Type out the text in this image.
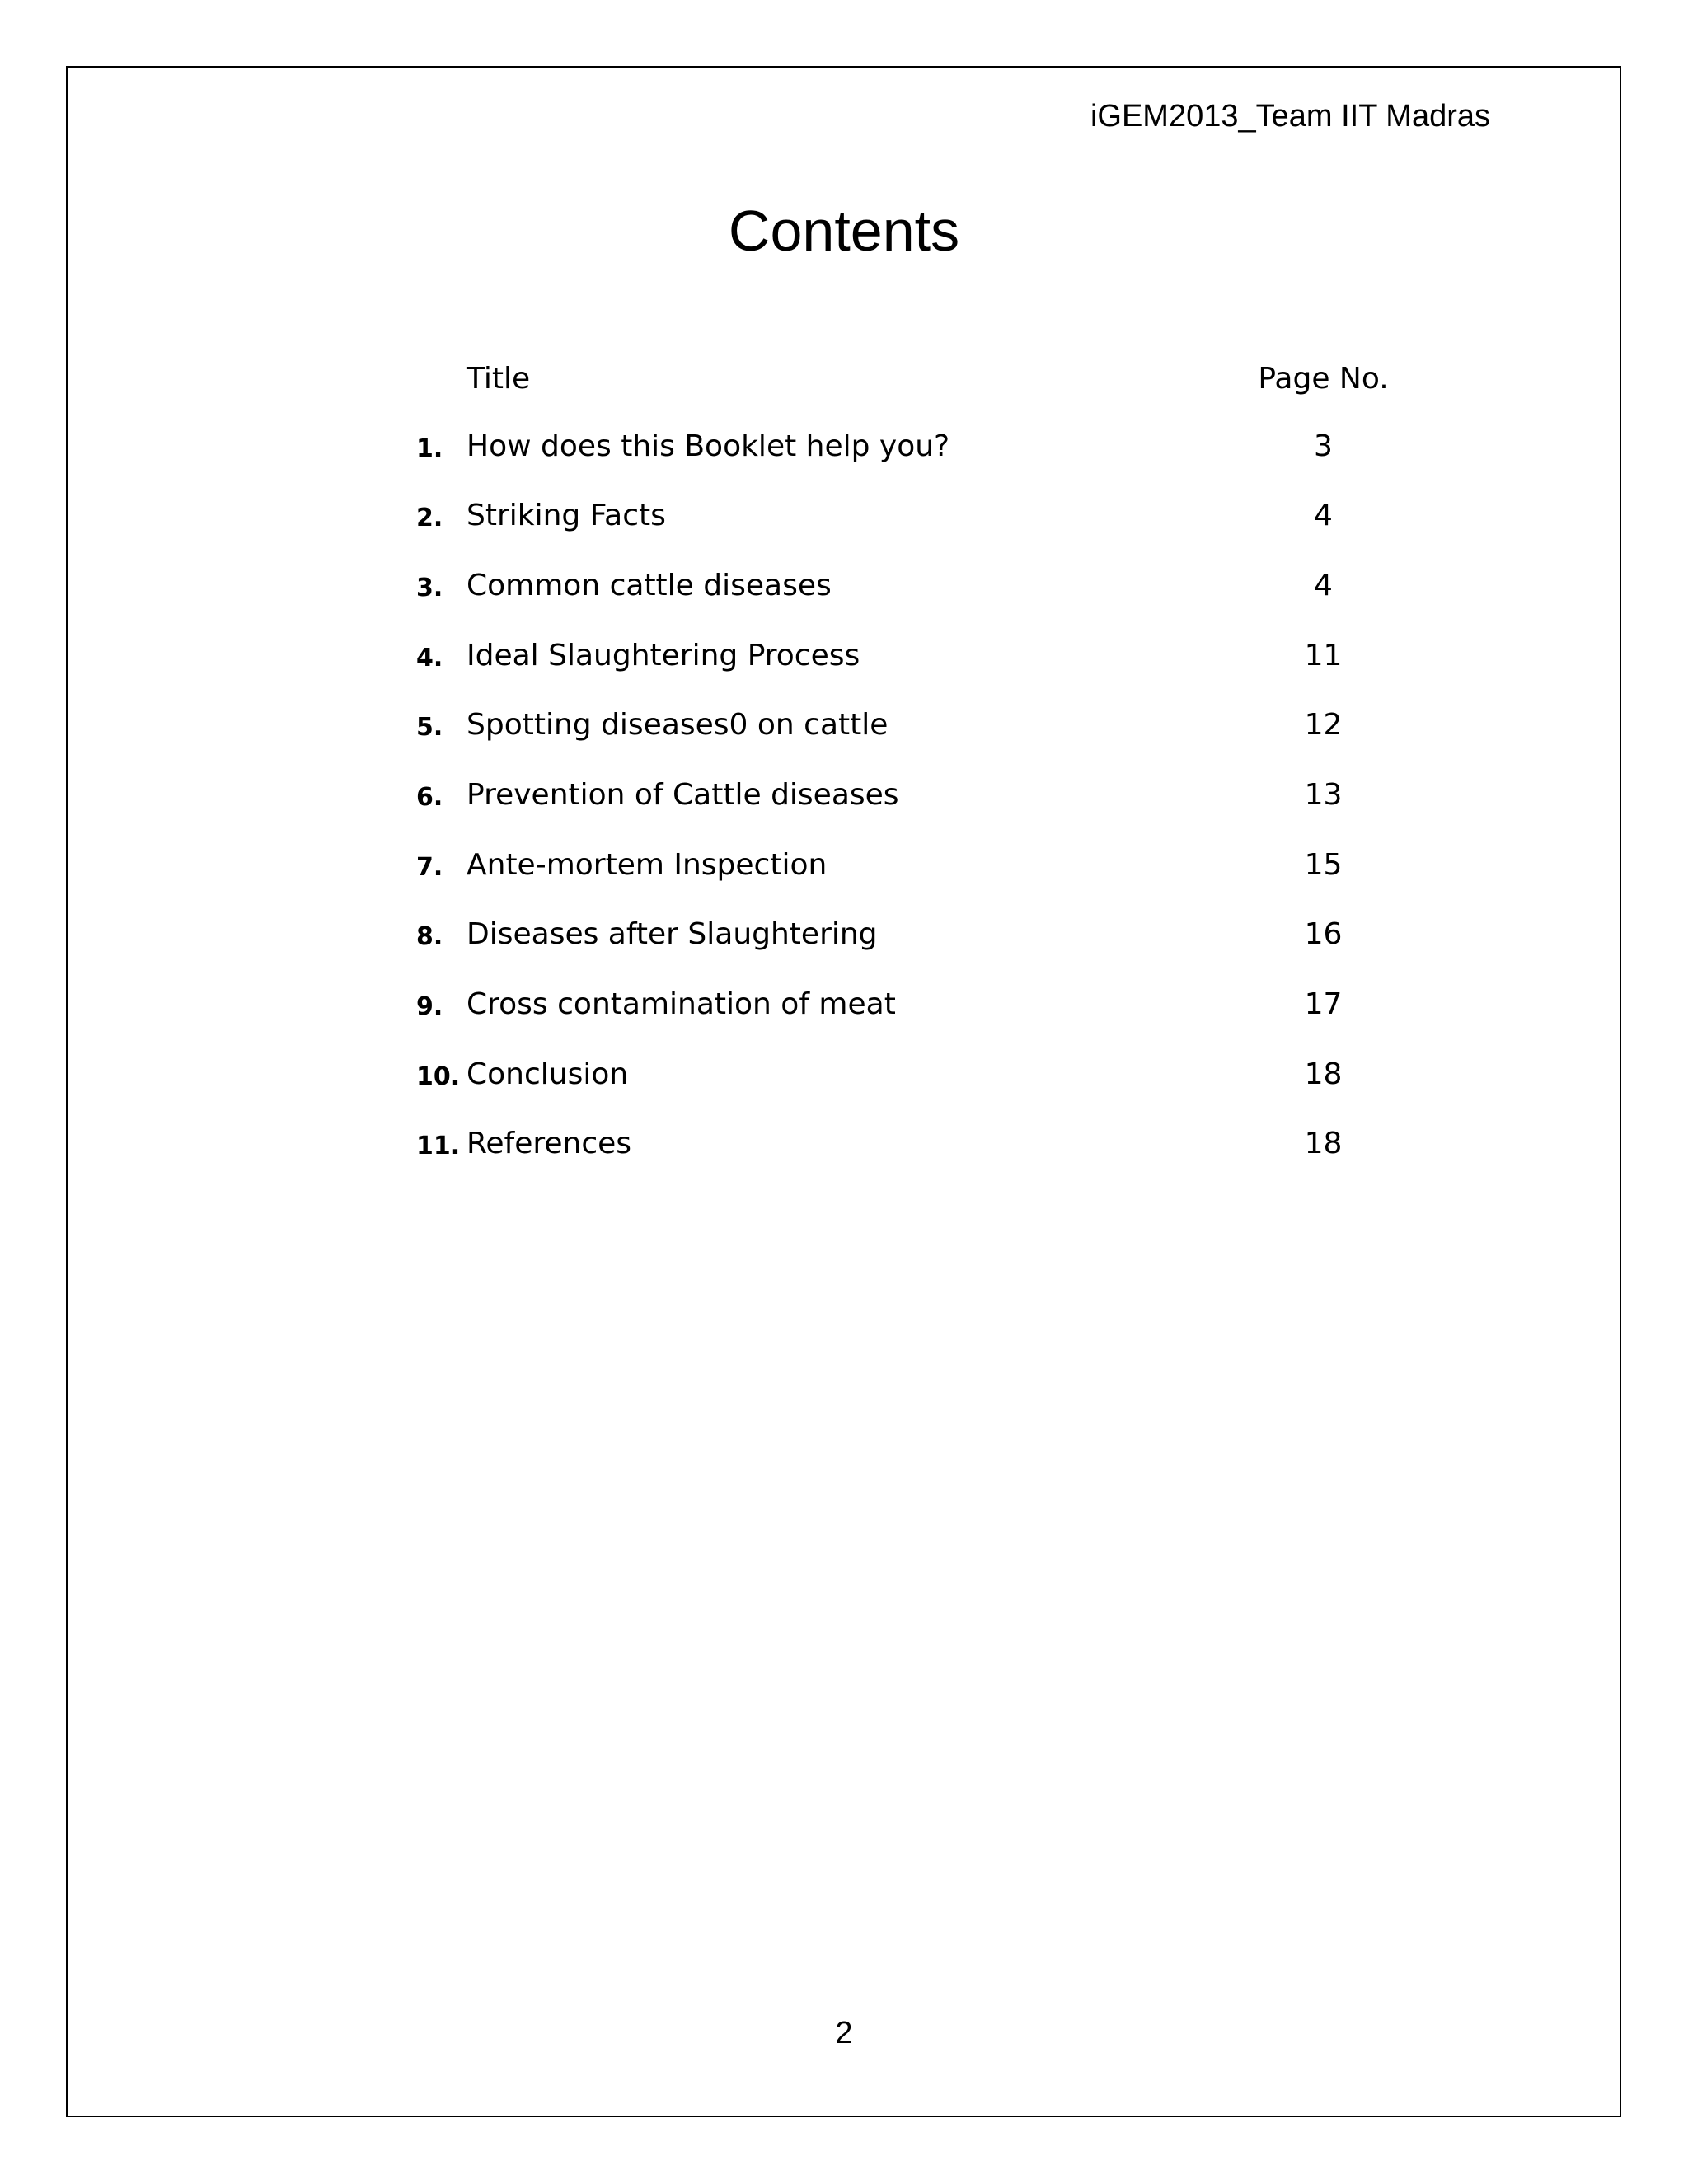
iGEM2013_Team IIT Madras
Contents
	Title	Page No.
1.	How does this Booklet help you?	3
2.	Striking Facts	4
3.	Common cattle diseases	4
4.	Ideal Slaughtering Process	11
5.	Spotting diseases0 on cattle	12
6.	Prevention of Cattle diseases	13
7.	Ante-mortem Inspection	15
8.	Diseases after Slaughtering	16
9.	Cross contamination of meat	17
10.	Conclusion	18
11.	References	18
2
